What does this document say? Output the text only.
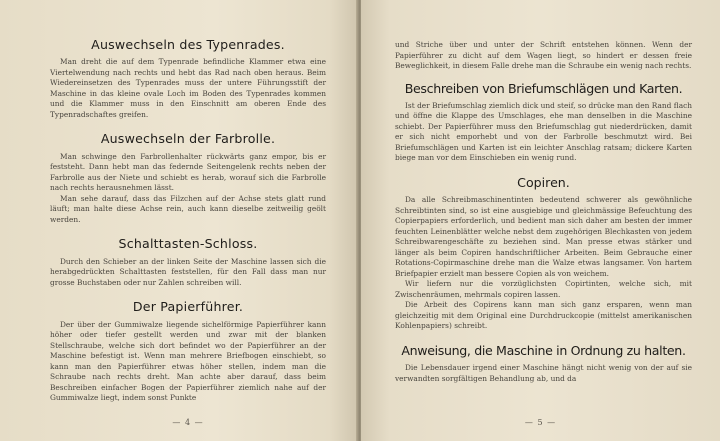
Auswechseln des Typenrades.

Man dreht die auf dem Typenrade befindliche Klammer etwa eine Viertelwendung nach rechts und hebt das Rad nach oben heraus. Beim Wiedereinsetzen des Typenrades muss der untere Führungsstift der Maschine in das kleine ovale Loch im Boden des Typenrades kommen und die Klammer muss in den Einschnitt am oberen Ende des Typenradschaftes greifen.

Auswechseln der Farbrolle.

Man schwinge den Farbrollenhalter rückwärts ganz empor, bis er feststeht. Dann hebt man das federnde Seitengelenk rechts neben der Farbrolle aus der Niete und schiebt es herab, worauf sich die Farbrolle nach rechts herausnehmen lässt.

Man sehe darauf, dass das Filzchen auf der Achse stets glatt rund läuft; man halte diese Achse rein, auch kann dieselbe zeitweilig geölt werden.

Schalttasten-Schloss.

Durch den Schieber an der linken Seite der Maschine lassen sich die herabgedrückten Schalttasten feststellen, für den Fall dass man nur grosse Buchstaben oder nur Zahlen schreiben will.

Der Papierführer.

Der über der Gummiwalze liegende sichelförmige Papierführer kann höher oder tiefer gestellt werden und zwar mit der blanken Stellschraube, welche sich dort befindet wo der Papierführer an der Maschine befestigt ist. Wenn man mehrere Briefbogen einschiebt, so kann man den Papierführer etwas höher stellen, indem man die Schraube nach rechts dreht. Man achte aber darauf, dass beim Beschreiben einfacher Bogen der Papierführer ziemlich nahe auf der Gummiwalze liegt, indem sonst Punkte

— 4 —

und Striche über und unter der Schrift entstehen können. Wenn der Papierführer zu dicht auf dem Wagen liegt, so hindert er dessen freie Beweglichkeit, in diesem Falle drehe man die Schraube ein wenig nach rechts.

Beschreiben von Briefumschlägen und Karten.

Ist der Briefumschlag ziemlich dick und steif, so drücke man den Rand flach und öffne die Klappe des Umschlages, ehe man denselben in die Maschine schiebt. Der Papierführer muss den Briefumschlag gut niederdrücken, damit er sich nicht emporhebt und von der Farbrolle beschmutzt wird. Bei Briefumschlägen und Karten ist ein leichter Anschlag ratsam; dickere Karten biege man vor dem Einschieben ein wenig rund.

Copiren.

Da alle Schreibmaschinentinten bedeutend schwerer als gewöhnliche Schreibtinten sind, so ist eine ausgiebige und gleichmässige Befeuchtung des Copierpapiers erforderlich, und bedient man sich daher am besten der immer feuchten Leinenblätter welche nebst dem zugehörigen Blechkasten von jedem Schreibwarengeschäfte zu beziehen sind. Man presse etwas stärker und länger als beim Copiren handschriftlicher Arbeiten. Beim Gebrauche einer Rotations-Copirmaschine drehe man die Walze etwas langsamer. Von hartem Briefpapier erzielt man bessere Copien als von weichem.

Wir liefern nur die vorzüglichsten Copirtinten, welche sich, mit Zwischenräumen, mehrmals copiren lassen.

Die Arbeit des Copirens kann man sich ganz ersparen, wenn man gleichzeitig mit dem Original eine Durchdruckcopie (mittelst amerikanischen Kohlenpapiers) schreibt.

Anweisung, die Maschine in Ordnung zu halten.

Die Lebensdauer irgend einer Maschine hängt nicht wenig von der auf sie verwandten sorgfältigen Behandlung ab, und da

— 5 —
